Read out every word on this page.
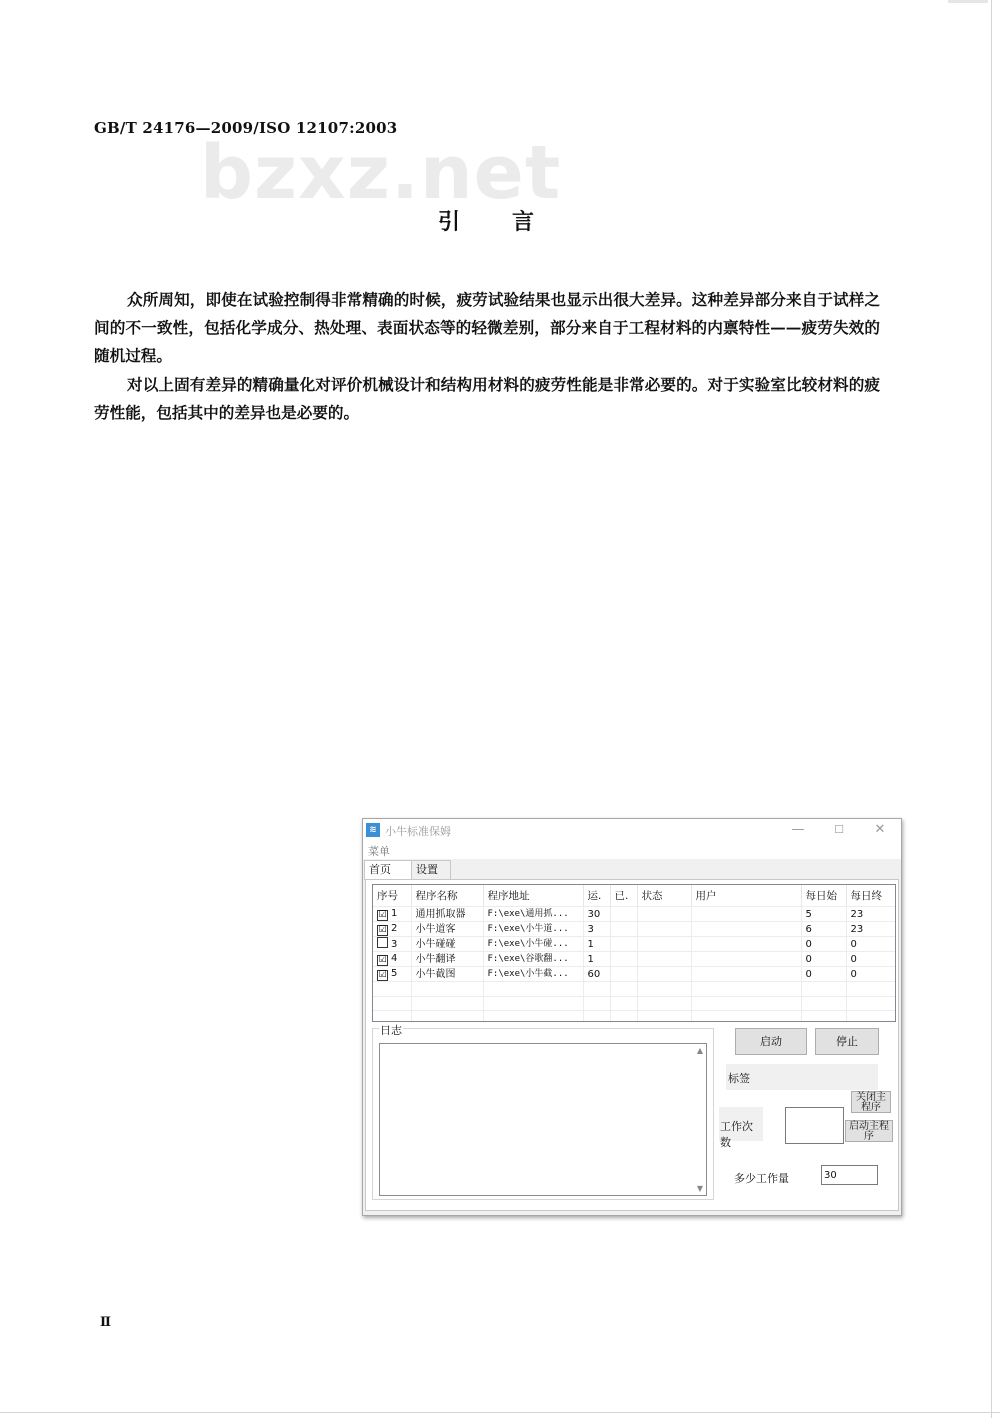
GB/T 24176—2009/ISO 12107:2003
bzxz.net
引言

众所周知，即使在试验控制得非常精确的时候，疲劳试验结果也显示出很大差异。这种差异部分来自于试样之间的不一致性，包括化学成分、热处理、表面状态等的轻微差别，部分来自于工程材料的内禀特性——疲劳失效的随机过程。

对以上固有差异的精确量化对评价机械设计和结构用材料的疲劳性能是非常必要的。对于实验室比较材料的疲劳性能，包括其中的差异也是必要的。

Ⅱ
≋ 小牛标准保姆	—	☐	✕
菜单
首页	设置
序号	程序名称	程序地址	运.	已.	状态	用户	每日始	每日终
☑ 1	通用抓取器	F:\exe\通用抓...	30				5	23
☑ 2	小牛道客	F:\exe\小牛道...	3				6	23
3	小牛碰碰	F:\exe\小牛碰...	1				0	0
☑ 4	小牛翻译	F:\exe\谷歌翻...	1				0	0
☑ 5	小牛截图	F:\exe\小牛截...	60				0	0

日志
▲
▼
启动	停止
标签
工作次数
关闭主程序
启动主程序
多少工作量	30
